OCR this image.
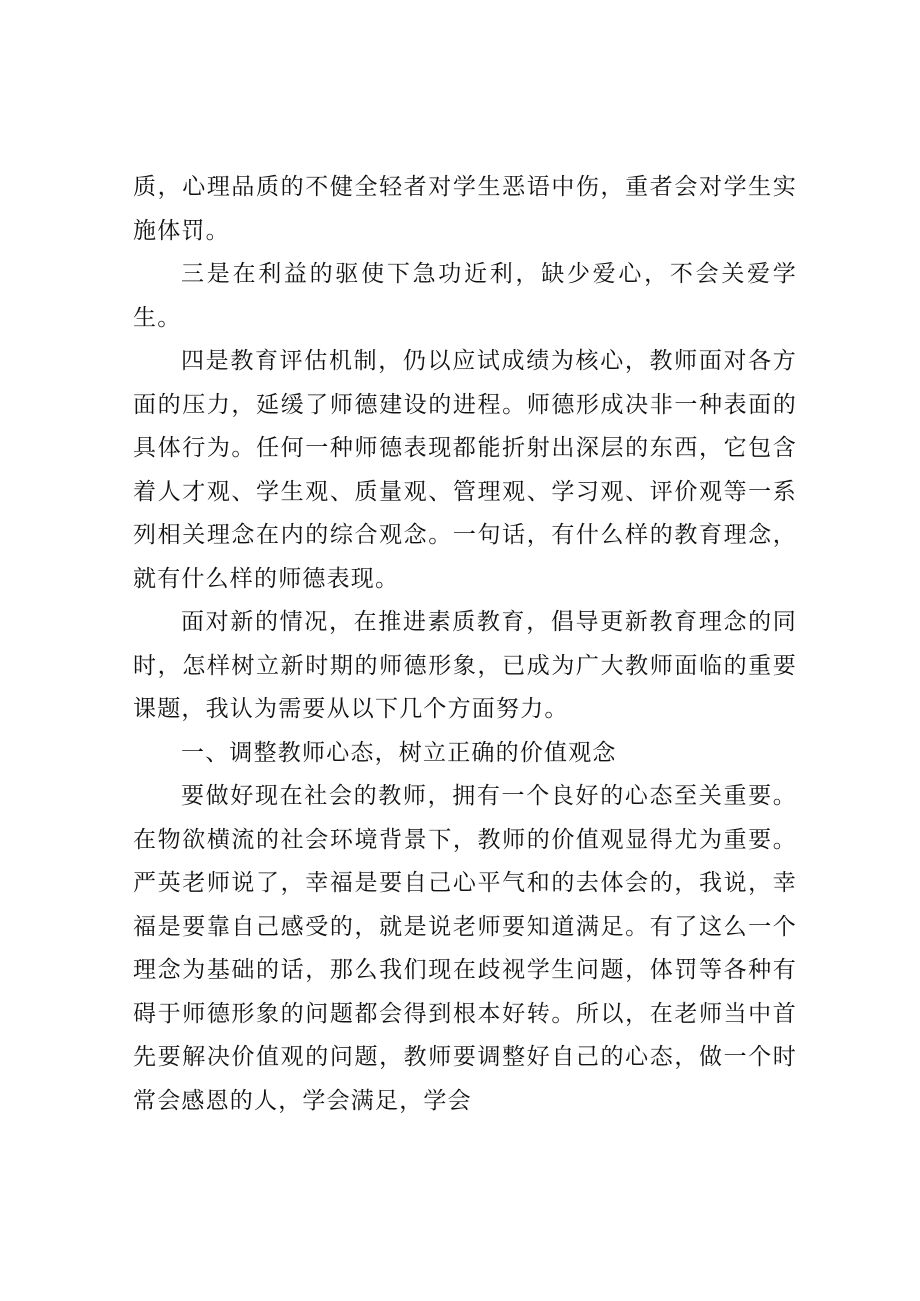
质，心理品质的不健全轻者对学生恶语中伤，重者会对学生实施体罚。

三是在利益的驱使下急功近利，缺少爱心，不会关爱学生。

四是教育评估机制，仍以应试成绩为核心，教师面对各方面的压力，延缓了师德建设的进程。师德形成决非一种表面的具体行为。任何一种师德表现都能折射出深层的东西，它包含着人才观、学生观、质量观、管理观、学习观、评价观等一系列相关理念在内的综合观念。一句话，有什么样的教育理念，就有什么样的师德表现。

面对新的情况，在推进素质教育，倡导更新教育理念的同时，怎样树立新时期的师德形象，已成为广大教师面临的重要课题，我认为需要从以下几个方面努力。

一、调整教师心态，树立正确的价值观念

要做好现在社会的教师，拥有一个良好的心态至关重要。在物欲横流的社会环境背景下，教师的价值观显得尤为重要。严英老师说了，幸福是要自己心平气和的去体会的，我说，幸福是要靠自己感受的，就是说老师要知道满足。有了这么一个理念为基础的话，那么我们现在歧视学生问题，体罚等各种有碍于师德形象的问题都会得到根本好转。所以，在老师当中首先要解决价值观的问题，教师要调整好自己的心态，做一个时常会感恩的人，学会满足，学会
